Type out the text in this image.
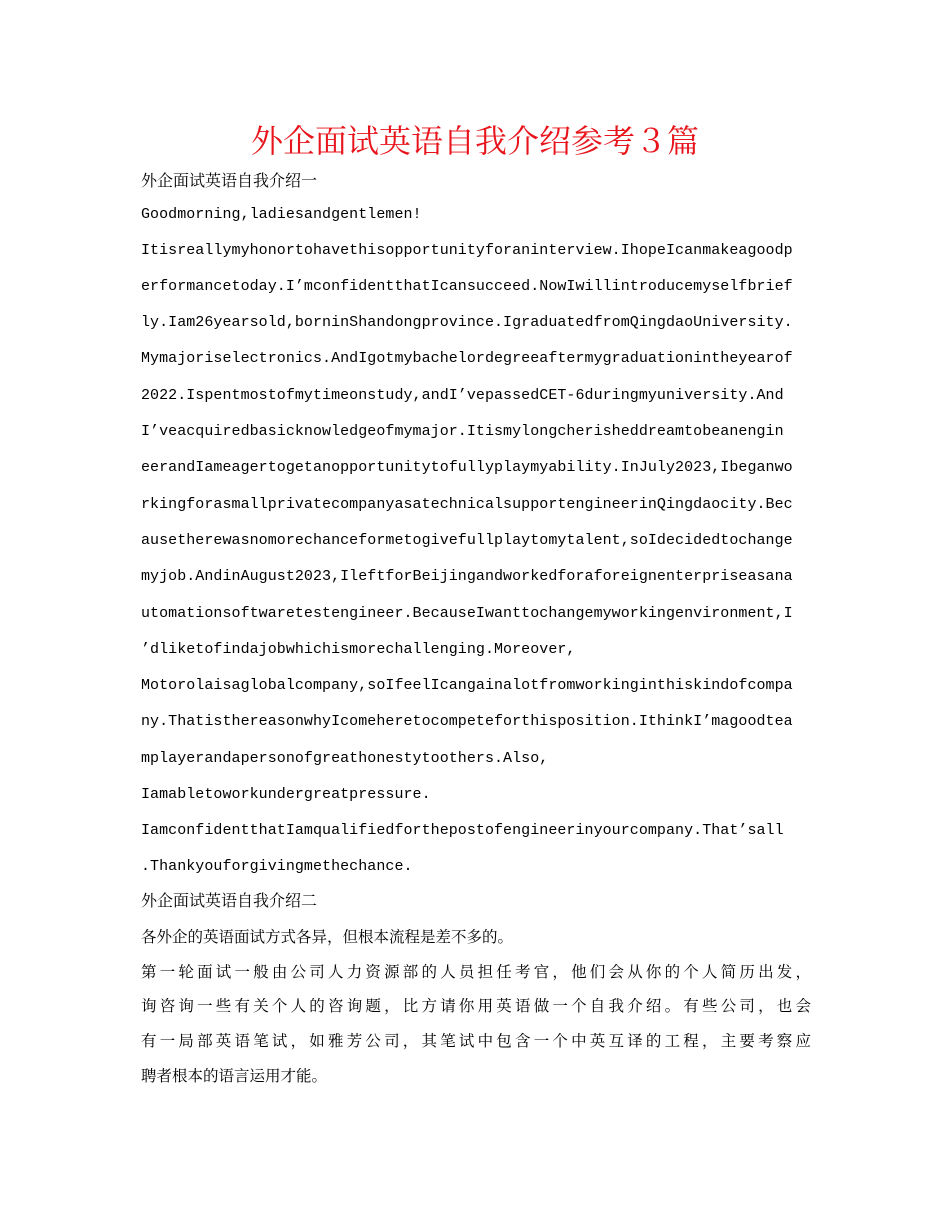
外企面试英语自我介绍参考３篇
外企面试英语自我介绍一
Goodmorning,ladiesandgentlemen!
Itisreallymyhonortohavethisopportunityforaninterview.IhopeIcanmakeagoodp
erformancetoday.I’mconfidentthatIcansucceed.NowIwillintroducemyselfbrief
ly.Iam26yearsold,borninShandongprovince.IgraduatedfromQingdaoUniversity.
Mymajoriselectronics.AndIgotmybachelordegreeaftermygraduationintheyearof
2022.Ispentmostofmytimeonstudy,andI’vepassedCET-6duringmyuniversity.And
I’veacquiredbasicknowledgeofmymajor.Itismylongcherisheddreamtobeanengin
eerandIameagertogetanopportunitytofullyplaymyability.InJuly2023,Ibeganwo
rkingforasmallprivatecompanyasatechnicalsupportengineerinQingdaocity.Bec
ausetherewasnomorechanceformetogivefullplaytomytalent,soIdecidedtochange
myjob.AndinAugust2023,IleftforBeijingandworkedforaforeignenterpriseasana
utomationsoftwaretestengineer.BecauseIwanttochangemyworkingenvironment,I
’dliketofindajobwhichismorechallenging.Moreover,
Motorolaisaglobalcompany,soIfeelIcangainalotfromworkinginthiskindofcompa
ny.ThatisthereasonwhyIcomeheretocompeteforthisposition.IthinkI’magoodtea
mplayerandapersonofgreathonestytoothers.Also,
Iamabletoworkundergreatpressure.
IamconfidentthatIamqualifiedforthepostofengineerinyourcompany.That’sall
.Thankyouforgivingmethechance.
外企面试英语自我介绍二
各外企的英语面试方式各异，但根本流程是差不多的。
第一轮面试一般由公司人力资源部的人员担任考官，他们会从你的个人简历出发，
询咨询一些有关个人的咨询题，比方请你用英语做一个自我介绍。有些公司，也会
有一局部英语笔试，如雅芳公司，其笔试中包含一个中英互译的工程，主要考察应
聘者根本的语言运用才能。
